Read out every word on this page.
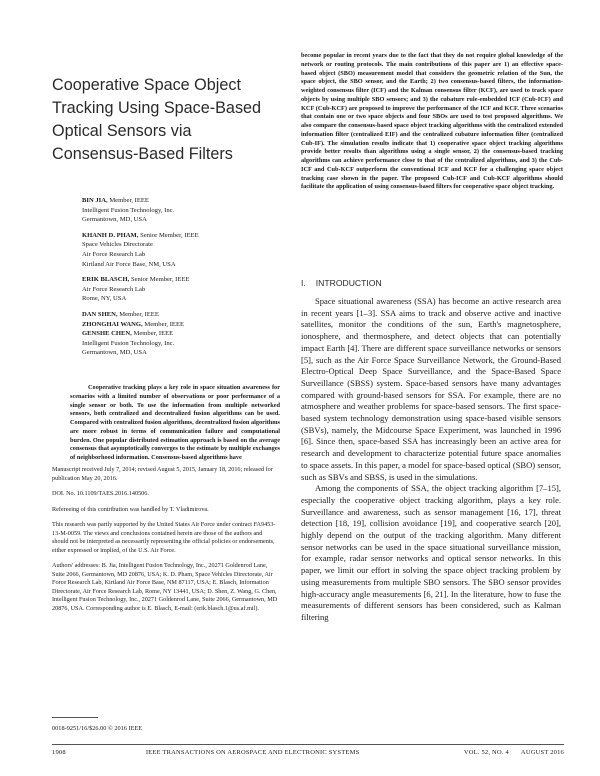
Cooperative Space Object Tracking Using Space-Based Optical Sensors via Consensus-Based Filters
BIN JIA, Member, IEEE
Intelligent Fusion Technology, Inc.
Germantown, MD, USA
KHANH D. PHAM, Senior Member, IEEE
Space Vehicles Directorate
Air Force Research Lab
Kirtland Air Force Base, NM, USA
ERIK BLASCH, Senior Member, IEEE
Air Force Research Lab
Rome, NY, USA
DAN SHEN, Member, IEEE
ZHONGHAI WANG, Member, IEEE
GENSHE CHEN, Member, IEEE
Intelligent Fusion Technology, Inc.
Germantown, MD, USA

Cooperative tracking plays a key role in space situation awareness for scenarios with a limited number of observations or poor performance of a single sensor or both. To use the information from multiple networked sensors, both centralized and decentralized fusion algorithms can be used. Compared with centralized fusion algorithms, decentralized fusion algorithms are more robust in terms of communication failure and computational burden. One popular distributed estimation approach is based on the average consensus that asymptotically converges to the estimate by multiple exchanges of neighborhood information. Consensus-based algorithms have

Manuscript received July 7, 2014; revised August 5, 2015, January 18, 2016; released for publication May 20, 2016.

DOI. No. 10.1109/TAES.2016.140506.

Refereeing of this contribution was handled by T. Vladimirova.

This research was partly supported by the United States Air Force under contract FA9453-13-M-0059. The views and conclusions contained herein are those of the authors and should not be interpreted as necessarily representing the official policies or endorsements, either expressed or implied, of the U.S. Air Force.

Authors' addresses: B. Jia, Intelligent Fusion Technology, Inc., 20271 Goldenrod Lane, Suite 2066, Germantown, MD 20876, USA; K. D. Pham, Space Vehicles Directorate, Air Force Research Lab, Kirtland Air Force Base, NM 87117, USA; E. Blasch, Information Directorate, Air Force Research Lab, Rome, NY 13441, USA; D. Shen, Z. Wang, G. Chen, Intelligent Fusion Technology, Inc., 20271 Goldenrod Lane, Suite 2066, Germantown, MD 20876, USA. Corresponding author is E. Blasch, E-mail: (erik.blasch.1@us.af.mil).

0018-9251/16/$26.00 © 2016 IEEE

become popular in recent years due to the fact that they do not require global knowledge of the network or routing protocols. The main contributions of this paper are 1) an effective space-based object (SBO) measurement model that considers the geometric relation of the Sun, the space object, the SBO sensor, and the Earth; 2) two consensus-based filters, the information-weighted consensus filter (ICF) and the Kalman consensus filter (KCF), are used to track space objects by using multiple SBO sensors; and 3) the cubature rule-embedded ICF (Cub-ICF) and KCF (Cub-KCF) are proposed to improve the performance of the ICF and KCF. Three scenarios that contain one or two space objects and four SBOs are used to test proposed algorithms. We also compare the consensus-based space object tracking algorithms with the centralized extended information filter (centralized EIF) and the centralized cubature information filter (centralized Cub-IF). The simulation results indicate that 1) cooperative space object tracking algorithms provide better results than algorithms using a single sensor, 2) the consensus-based tracking algorithms can achieve performance close to that of the centralized algorithms, and 3) the Cub-ICF and Cub-KCF outperform the conventional ICF and KCF for a challenging space object tracking case shown in the paper. The proposed Cub-ICF and Cub-KCF algorithms should facilitate the application of using consensus-based filters for cooperative space object tracking.

I. INTRODUCTION

Space situational awareness (SSA) has become an active research area in recent years [1–3]. SSA aims to track and observe active and inactive satellites, monitor the conditions of the sun, Earth's magnetosphere, ionosphere, and thermosphere, and detect objects that can potentially impact Earth [4]. There are different space surveillance networks or sensors [5], such as the Air Force Space Surveillance Network, the Ground-Based Electro-Optical Deep Space Surveillance, and the Space-Based Space Surveillance (SBSS) system. Space-based sensors have many advantages compared with ground-based sensors for SSA. For example, there are no atmosphere and weather problems for space-based sensors. The first space-based system technology demonstration using space-based visible sensors (SBVs), namely, the Midcourse Space Experiment, was launched in 1996 [6]. Since then, space-based SSA has increasingly been an active area for research and development to characterize potential future space anomalies to space assets. In this paper, a model for space-based optical (SBO) sensor, such as SBVs and SBSS, is used in the simulations.

Among the components of SSA, the object tracking algorithm [7–15], especially the cooperative object tracking algorithm, plays a key role. Surveillance and awareness, such as sensor management [16, 17], threat detection [18, 19], collision avoidance [19], and cooperative search [20], highly depend on the output of the tracking algorithm. Many different sensor networks can be used in the space situational surveillance mission, for example, radar sensor networks and optical sensor networks. In this paper, we limit our effort in solving the space object tracking problem by using measurements from multiple SBO sensors. The SBO sensor provides high-accuracy angle measurements [6, 21]. In the literature, how to fuse the measurements of different sensors has been considered, such as Kalman filtering

1908	IEEE TRANSACTIONS ON AEROSPACE AND ELECTRONIC SYSTEMS	VOL. 52, NO. 4 AUGUST 2016
